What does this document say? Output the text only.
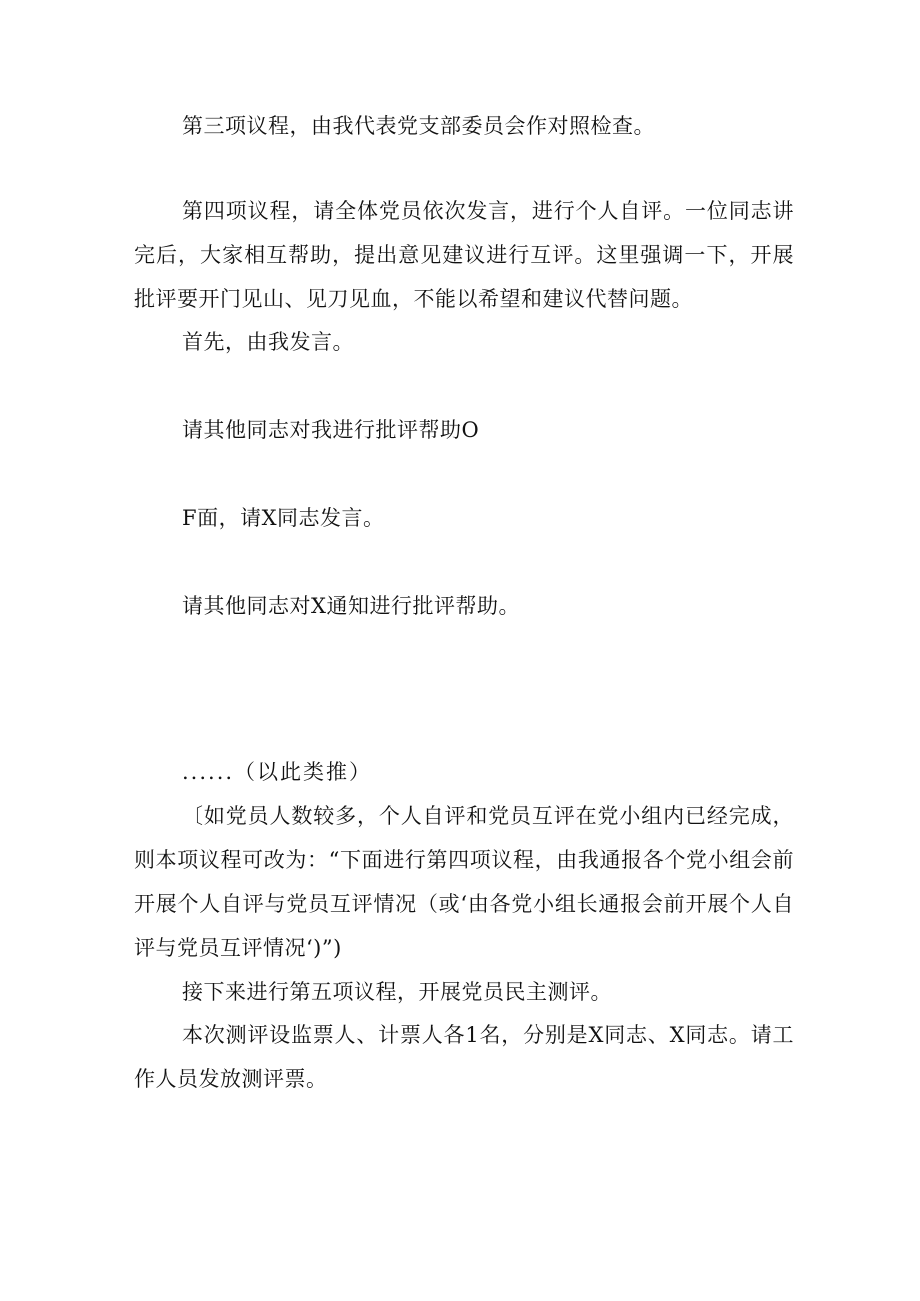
第三项议程，由我代表党支部委员会作对照检查。

第四项议程，请全体党员依次发言，进行个人自评。一位同志讲完后，大家相互帮助，提出意见建议进行互评。这里强调一下，开展批评要开门见山、见刀见血，不能以希望和建议代替问题。

首先，由我发言。

请其他同志对我进行批评帮助O

F面，请X同志发言。

请其他同志对X通知进行批评帮助。

......（以此类推）

〔如党员人数较多，个人自评和党员互评在党小组内已经完成，则本项议程可改为：“下面进行第四项议程，由我通报各个党小组会前开展个人自评与党员互评情况（或‘由各党小组长通报会前开展个人自评与党员互评情况‘)”)

接下来进行第五项议程，开展党员民主测评。

本次测评设监票人、计票人各1名，分别是X同志、X同志。请工作人员发放测评票。
